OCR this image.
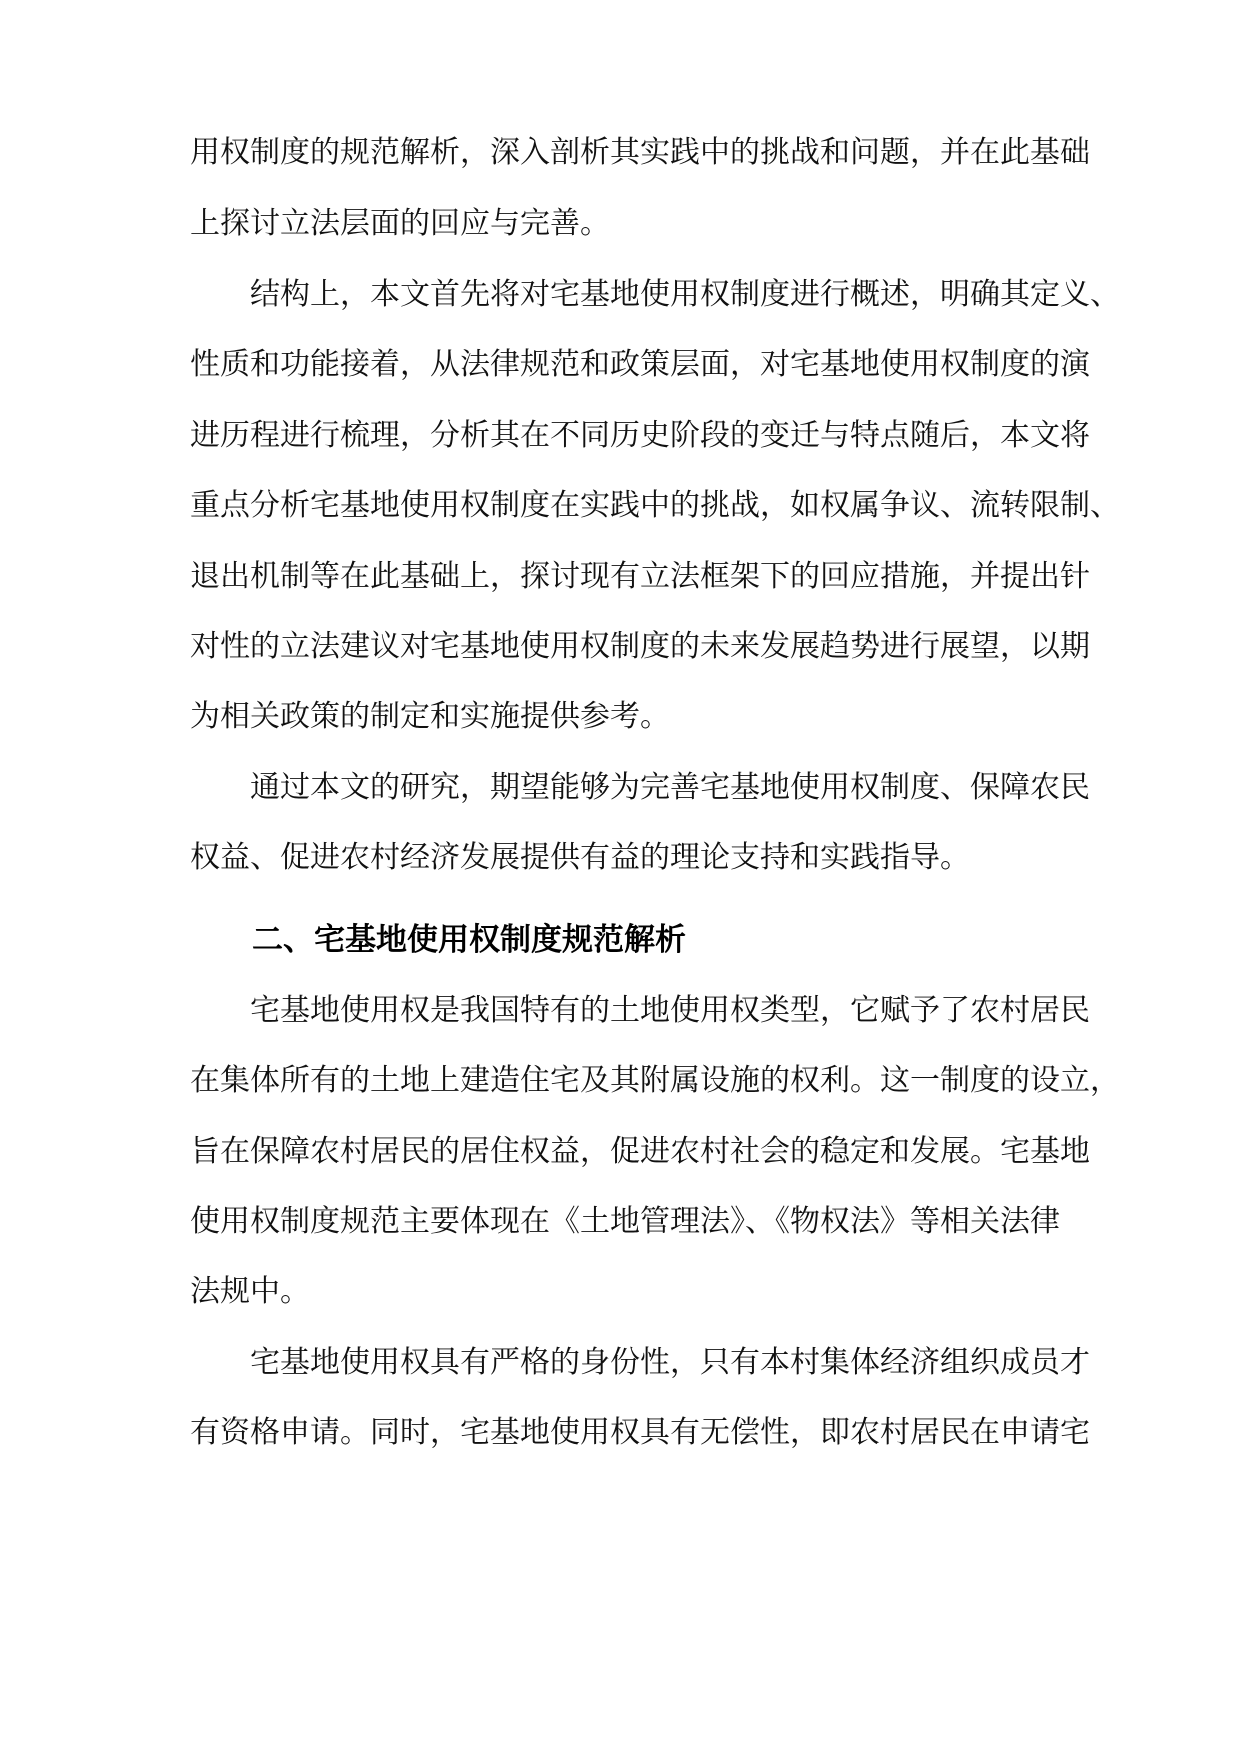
用权制度的规范解析，深入剖析其实践中的挑战和问题，并在此基础
上探讨立法层面的回应与完善。
结构上，本文首先将对宅基地使用权制度进行概述，明确其定义、
性质和功能接着，从法律规范和政策层面，对宅基地使用权制度的演
进历程进行梳理，分析其在不同历史阶段的变迁与特点随后，本文将
重点分析宅基地使用权制度在实践中的挑战，如权属争议、流转限制、
退出机制等在此基础上，探讨现有立法框架下的回应措施，并提出针
对性的立法建议对宅基地使用权制度的未来发展趋势进行展望，以期
为相关政策的制定和实施提供参考。
通过本文的研究，期望能够为完善宅基地使用权制度、保障农民
权益、促进农村经济发展提供有益的理论支持和实践指导。
二、宅基地使用权制度规范解析
宅基地使用权是我国特有的土地使用权类型，它赋予了农村居民
在集体所有的土地上建造住宅及其附属设施的权利。这一制度的设立，
旨在保障农村居民的居住权益，促进农村社会的稳定和发展。宅基地
使用权制度规范主要体现在《土地管理法》、《物权法》等相关法律
法规中。
宅基地使用权具有严格的身份性，只有本村集体经济组织成员才
有资格申请。同时，宅基地使用权具有无偿性，即农村居民在申请宅
